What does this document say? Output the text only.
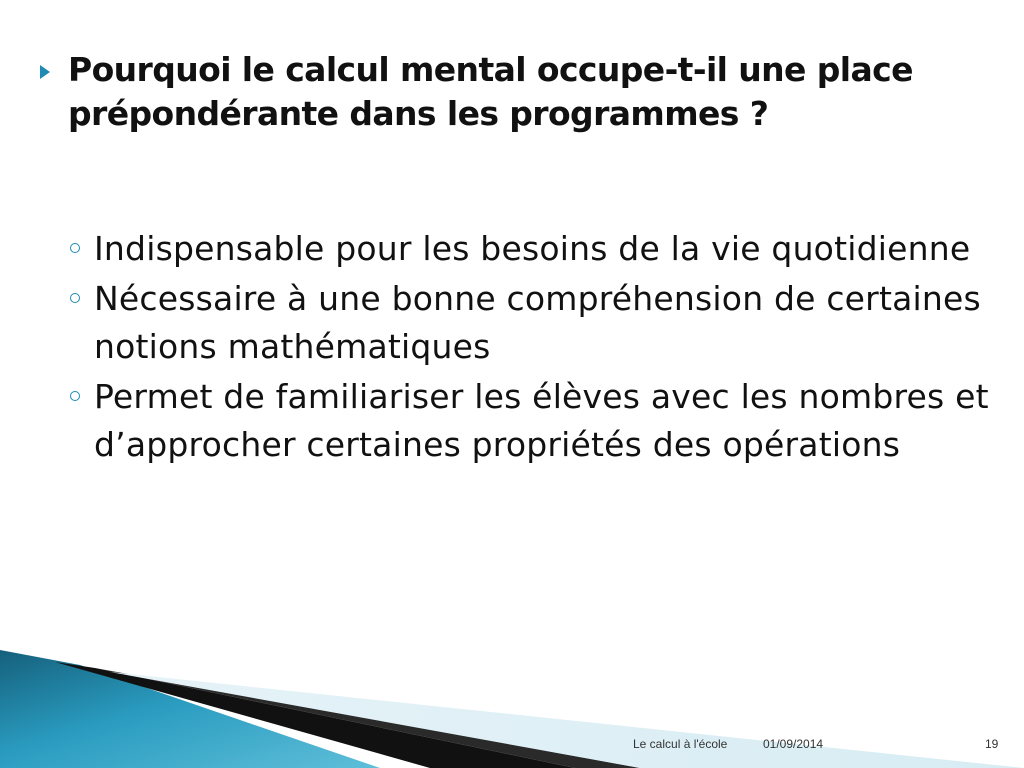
Pourquoi le calcul mental occupe-t-il une place prépondérante dans les programmes ?
Indispensable pour les besoins de la vie quotidienne
Nécessaire à une bonne compréhension de certaines notions mathématiques
Permet de familiariser les élèves avec les nombres et d’approcher certaines propriétés des opérations
Le calcul à l'école	01/09/2014	19
